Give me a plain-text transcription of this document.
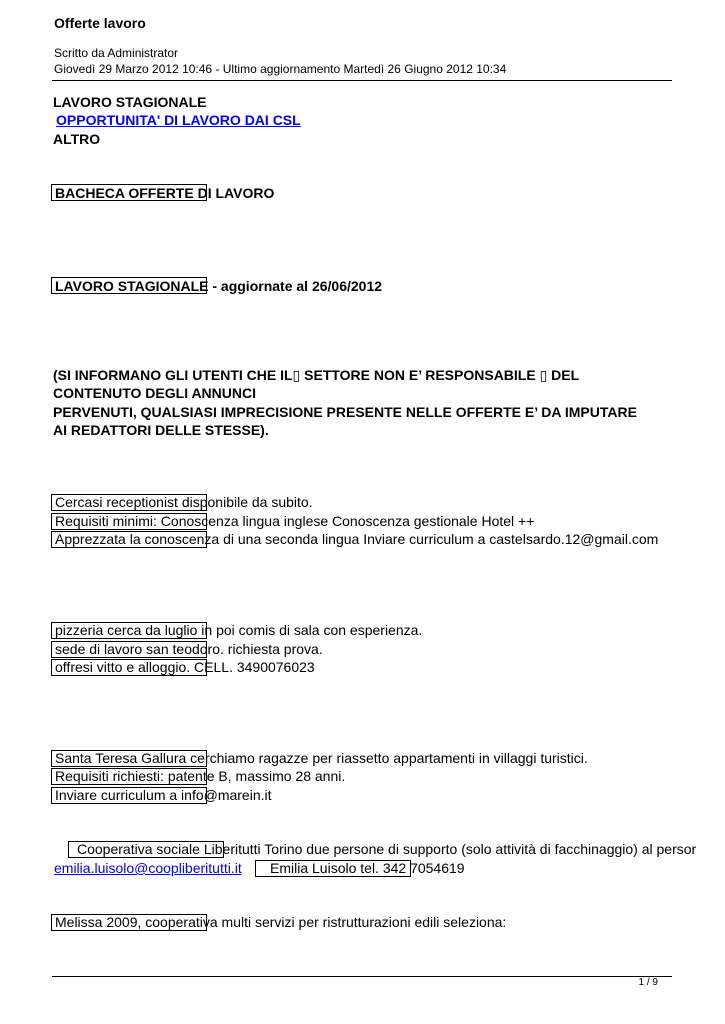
Offerte lavoro
Scritto da Administrator
Giovedì 29 Marzo 2012 10:46 - Ultimo aggiornamento Martedì 26 Giugno 2012 10:34
LAVORO STAGIONALE
OPPORTUNITA' DI LAVORO DAI CSL
ALTRO
BACHECA OFFERTE DI LAVORO
LAVORO STAGIONALE - aggiornate al 26/06/2012
(SI INFORMANO GLI UTENTI CHE IL▯ SETTORE NON E’ RESPONSABILE ▯ DEL
CONTENUTO DEGLI ANNUNCI
PERVENUTI, QUALSIASI IMPRECISIONE PRESENTE NELLE OFFERTE E’ DA IMPUTARE
AI REDATTORI DELLE STESSE).
Cercasi receptionist disponibile da subito.
Requisiti minimi: Conoscenza lingua inglese Conoscenza gestionale Hotel ++
Apprezzata la conoscenza di una seconda lingua Inviare curriculum a castelsardo.12@gmail.com
pizzeria cerca da luglio in poi comis di sala con esperienza.
sede di lavoro san teodoro. richiesta prova.
offresi vitto e alloggio. CELL. 3490076023
Santa Teresa Gallura cerchiamo ragazze per riassetto appartamenti in villaggi turistici.
Requisiti richiesti: patente B, massimo 28 anni.
Inviare curriculum a info@marein.it
Cooperativa sociale Liberitutti Torino due persone di supporto (solo attività di facchinaggio) al persor
emilia.luisolo@coopliberitutti.it Emilia Luisolo tel. 342 7054619
Melissa 2009, cooperativa multi servizi per ristrutturazioni edili seleziona:
1 / 9
